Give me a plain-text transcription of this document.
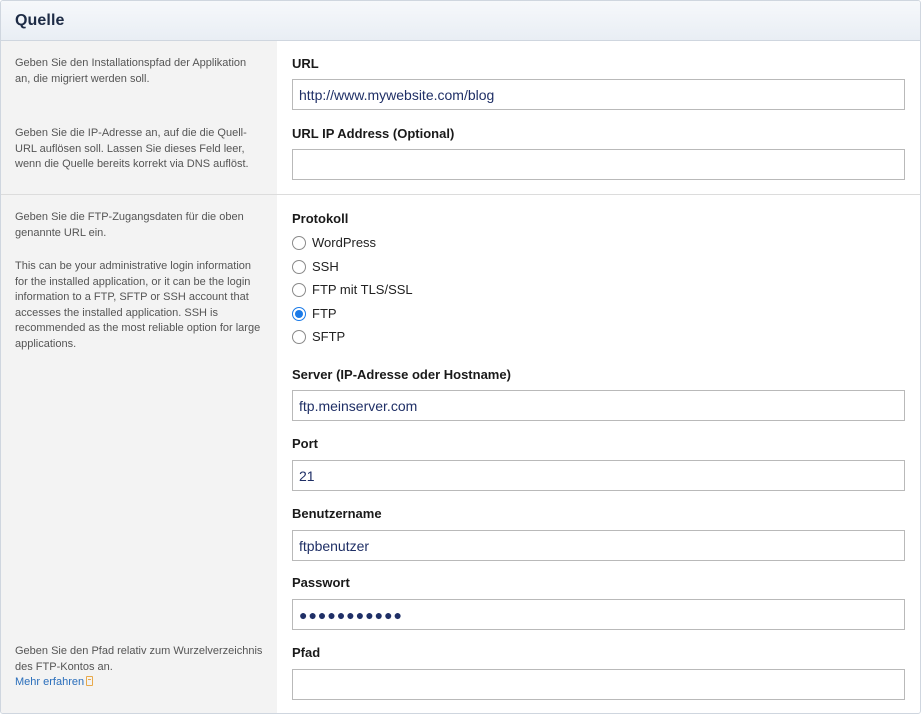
Quelle
Geben Sie den Installationspfad der Applikation an, die migriert werden soll.
Geben Sie die IP-Adresse an, auf die die Quell-URL auflösen soll. Lassen Sie dieses Feld leer, wenn die Quelle bereits korrekt via DNS auflöst.
URL
http://www.mywebsite.com/blog
URL IP Address (Optional)
Geben Sie die FTP-Zugangsdaten für die oben genannte URL ein.
This can be your administrative login information for the installed application, or it can be the login information to a FTP, SFTP or SSH account that accesses the installed application. SSH is recommended as the most reliable option for large applications.
Geben Sie den Pfad relativ zum Wurzelverzeichnis des FTP-Kontos an.
Mehr erfahren
Protokoll
WordPress
SSH
FTP mit TLS/SSL
FTP
SFTP
Server (IP-Adresse oder Hostname)
ftp.meinserver.com
Port
21
Benutzername
ftpbenutzer
Passwort
●●●●●●●●●●●
Pfad
